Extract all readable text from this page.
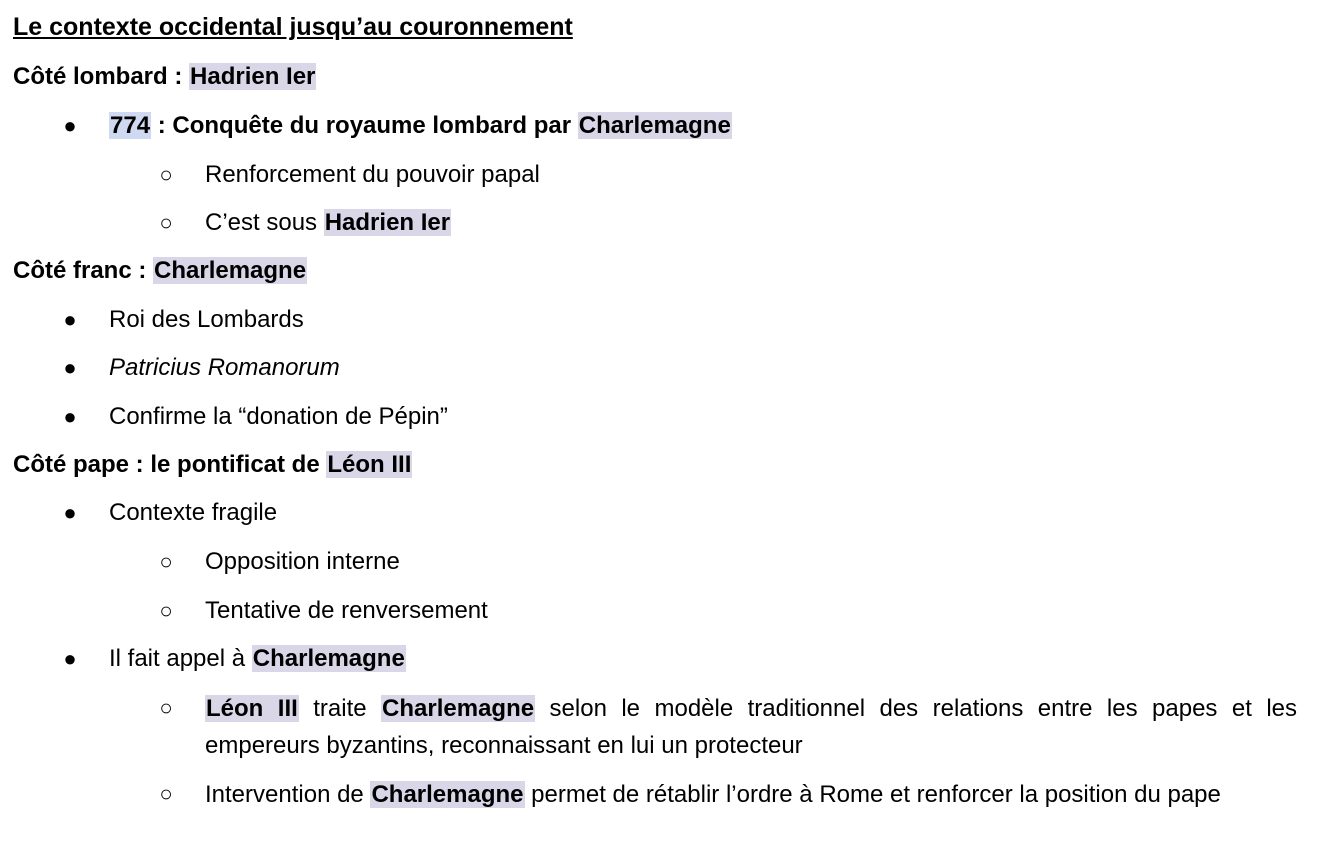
Le contexte occidental jusqu’au couronnement
Côté lombard : Hadrien Ier
●	774 : Conquête du royaume lombard par Charlemagne
○	Renforcement du pouvoir papal
○	C’est sous Hadrien Ier
Côté franc : Charlemagne
●	Roi des Lombards
●	Patricius Romanorum
●	Confirme la “donation de Pépin”
Côté pape : le pontificat de Léon III
●	Contexte fragile
○	Opposition interne
○	Tentative de renversement
●	Il fait appel à Charlemagne
○	Léon III traite Charlemagne selon le modèle traditionnel des relations entre les papes et les empereurs byzantins, reconnaissant en lui un protecteur
○	Intervention de Charlemagne permet de rétablir l’ordre à Rome et renforcer la position du pape
